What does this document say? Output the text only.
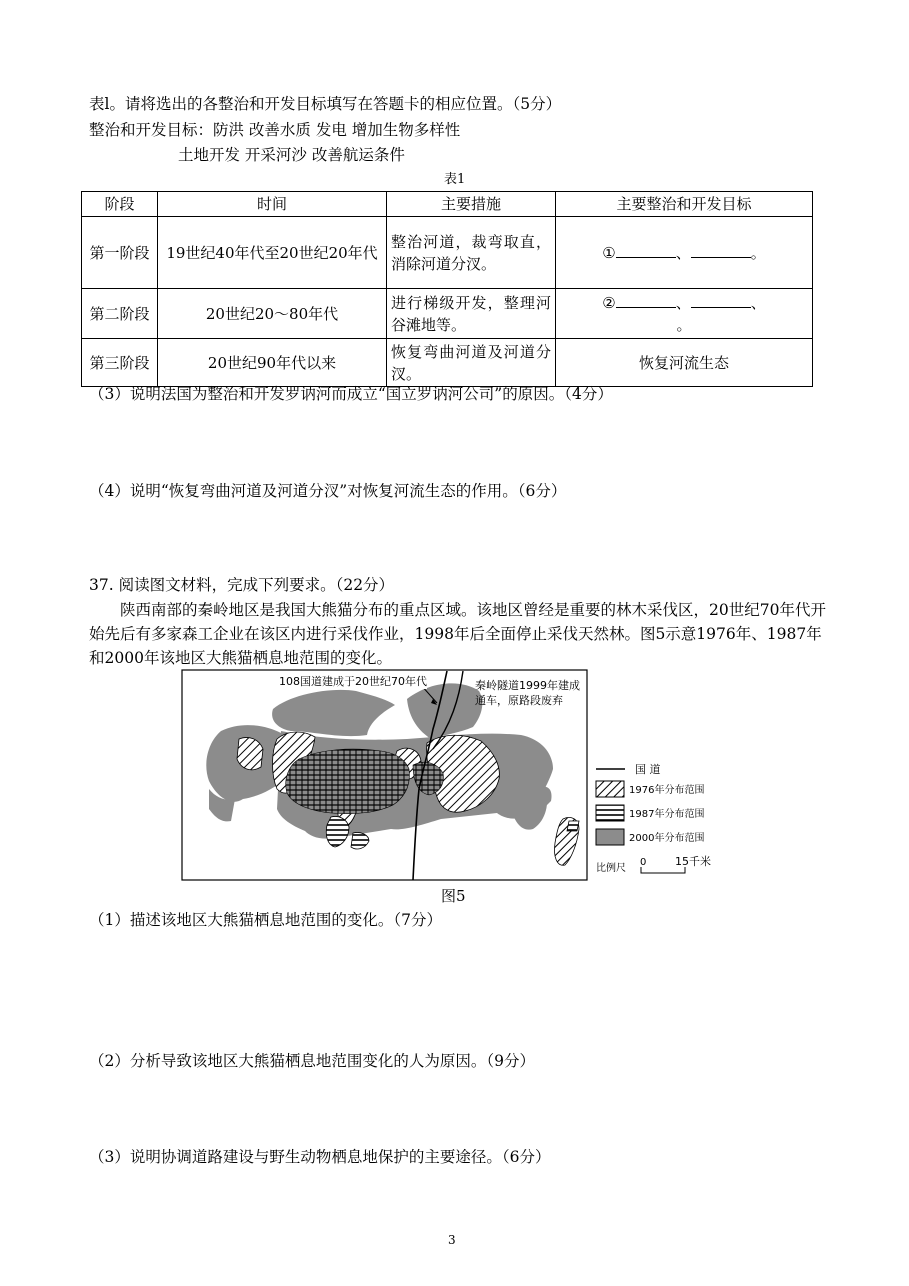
表l。请将选出的各整治和开发目标填写在答题卡的相应位置。（5分）
整治和开发目标：防洪 改善水质 发电 增加生物多样性
土地开发 开采河沙 改善航运条件
表1
阶段	时间	主要措施	主要整治和开发目标
第一阶段	19世纪40年代至20世纪20年代	整治河道，裁弯取直，消除河道分汊。	① 、 。
第二阶段	20世纪20～80年代	进行梯级开发，整理河谷滩地等。	② 、 、
。
第三阶段	20世纪90年代以来	恢复弯曲河道及河道分汊。	恢复河流生态
（3）说明法国为整治和开发罗讷河而成立“国立罗讷河公司”的原因。（4分）
（4）说明“恢复弯曲河道及河道分汊”对恢复河流生态的作用。（6分）
37. 阅读图文材料，完成下列要求。（22分）
陕西南部的秦岭地区是我国大熊猫分布的重点区域。该地区曾经是重要的林木采伐区，20世纪70年代开始先后有多家森工企业在该区内进行采伐作业，1998年后全面停止采伐天然林。图5示意1976年、1987年和2000年该地区大熊猫栖息地范围的变化。
108国道建成于20世纪70年代	秦岭隧道1999年建成
通车，原路段废弃
国 道
1976年分布范围
1987年分布范围
2000年分布范围
比例尺
0	15千米
图5
（1）描述该地区大熊猫栖息地范围的变化。（7分）
（2）分析导致该地区大熊猫栖息地范围变化的人为原因。（9分）
（3）说明协调道路建设与野生动物栖息地保护的主要途径。（6分）
3
